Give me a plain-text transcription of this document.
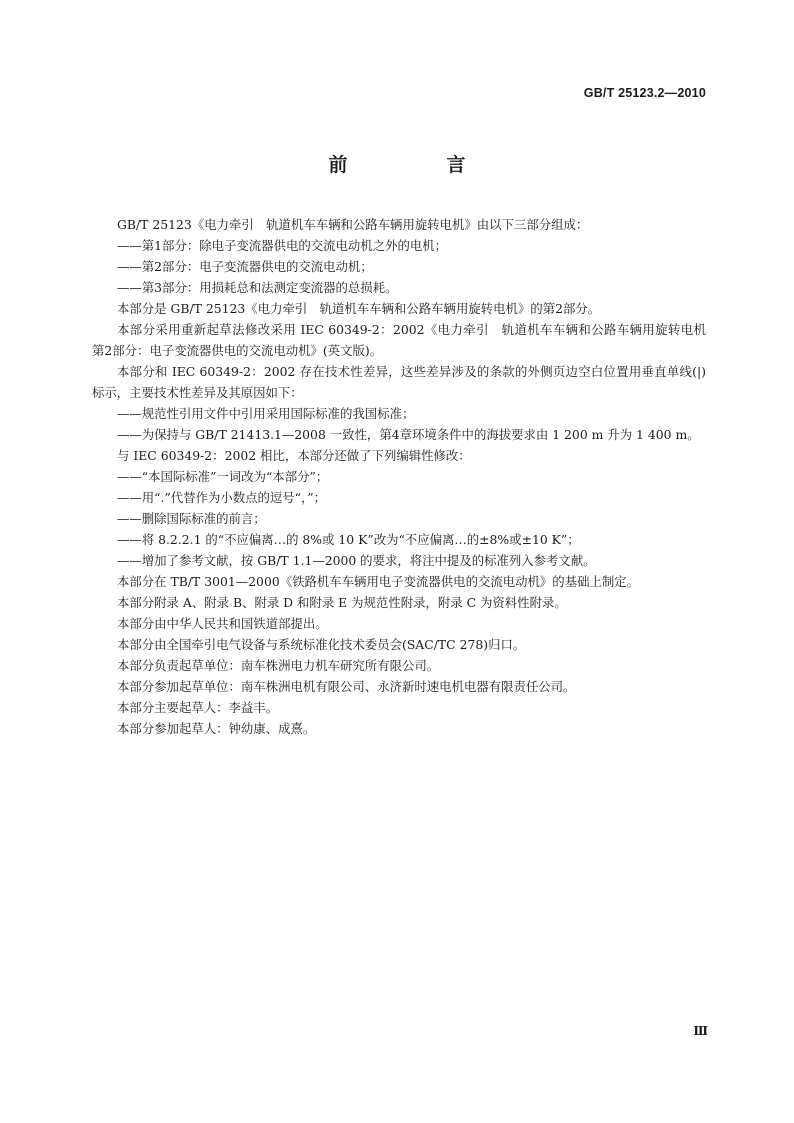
GB/T 25123.2—2010
前　言

GB/T 25123《电力牵引　轨道机车车辆和公路车辆用旋转电机》由以下三部分组成：

——第1部分：除电子变流器供电的交流电动机之外的电机；

——第2部分：电子变流器供电的交流电动机；

——第3部分：用损耗总和法测定变流器的总损耗。

本部分是 GB/T 25123《电力牵引　轨道机车车辆和公路车辆用旋转电机》的第2部分。

本部分采用重新起草法修改采用 IEC 60349-2：2002《电力牵引　轨道机车车辆和公路车辆用旋转电机　第2部分：电子变流器供电的交流电动机》(英文版)。

本部分和 IEC 60349-2：2002 存在技术性差异，这些差异涉及的条款的外侧页边空白位置用垂直单线(|)标示，主要技术性差异及其原因如下：

——规范性引用文件中引用采用国际标准的我国标准；

——为保持与 GB/T 21413.1—2008 一致性，第4章环境条件中的海拔要求由 1 200 m 升为 1 400 m。

与 IEC 60349-2：2002 相比，本部分还做了下列编辑性修改：

——“本国际标准”一词改为“本部分”；

——用“.”代替作为小数点的逗号“，”；

——删除国际标准的前言；

——将 8.2.2.1 的“不应偏离…的 8%或 10 K”改为“不应偏离…的±8%或±10 K”；

——增加了参考文献，按 GB/T 1.1—2000 的要求，将注中提及的标准列入参考文献。

本部分在 TB/T 3001—2000《铁路机车车辆用电子变流器供电的交流电动机》的基础上制定。

本部分附录 A、附录 B、附录 D 和附录 E 为规范性附录，附录 C 为资料性附录。

本部分由中华人民共和国铁道部提出。

本部分由全国牵引电气设备与系统标准化技术委员会(SAC/TC 278)归口。

本部分负责起草单位：南车株洲电力机车研究所有限公司。

本部分参加起草单位：南车株洲电机有限公司、永济新时速电机电器有限责任公司。

本部分主要起草人：李益丰。

本部分参加起草人：钟幼康、成熹。

Ⅲ
